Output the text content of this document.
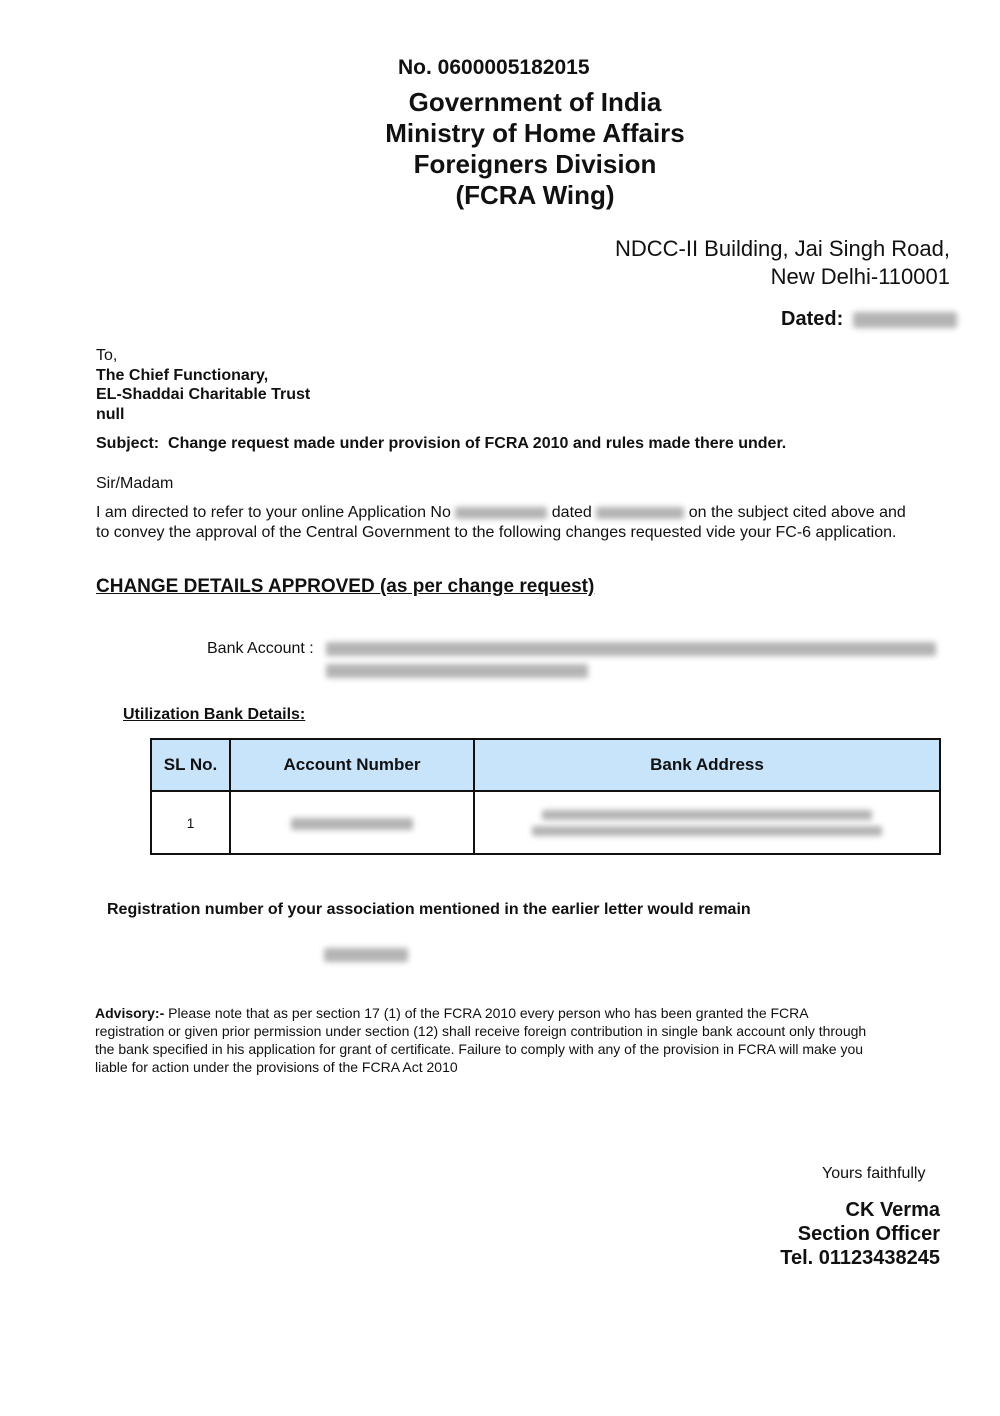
No. 0600005182015
Government of India
Ministry of Home Affairs
Foreigners Division
(FCRA Wing)
NDCC-II Building, Jai Singh Road,
New Delhi-110001
Dated:
To,
The Chief Functionary,
EL-Shaddai Charitable Trust
null
Subject: Change request made under provision of FCRA 2010 and rules made there under.
Sir/Madam
I am directed to refer to your online Application No	dated	on the subject cited above and
to convey the approval of the Central Government to the following changes requested vide your FC-6 application.
CHANGE DETAILS APPROVED (as per change request)
Bank Account :
Utilization Bank Details:
SL No.	Account Number	Bank Address
1		
Registration number of your association mentioned in the earlier letter would remain
Advisory:- Please note that as per section 17 (1) of the FCRA 2010 every person who has been granted the FCRA
registration or given prior permission under section (12) shall receive foreign contribution in single bank account only through
the bank specified in his application for grant of certificate. Failure to comply with any of the provision in FCRA will make you
liable for action under the provisions of the FCRA Act 2010
Yours faithfully
CK Verma
Section Officer
Tel. 01123438245
